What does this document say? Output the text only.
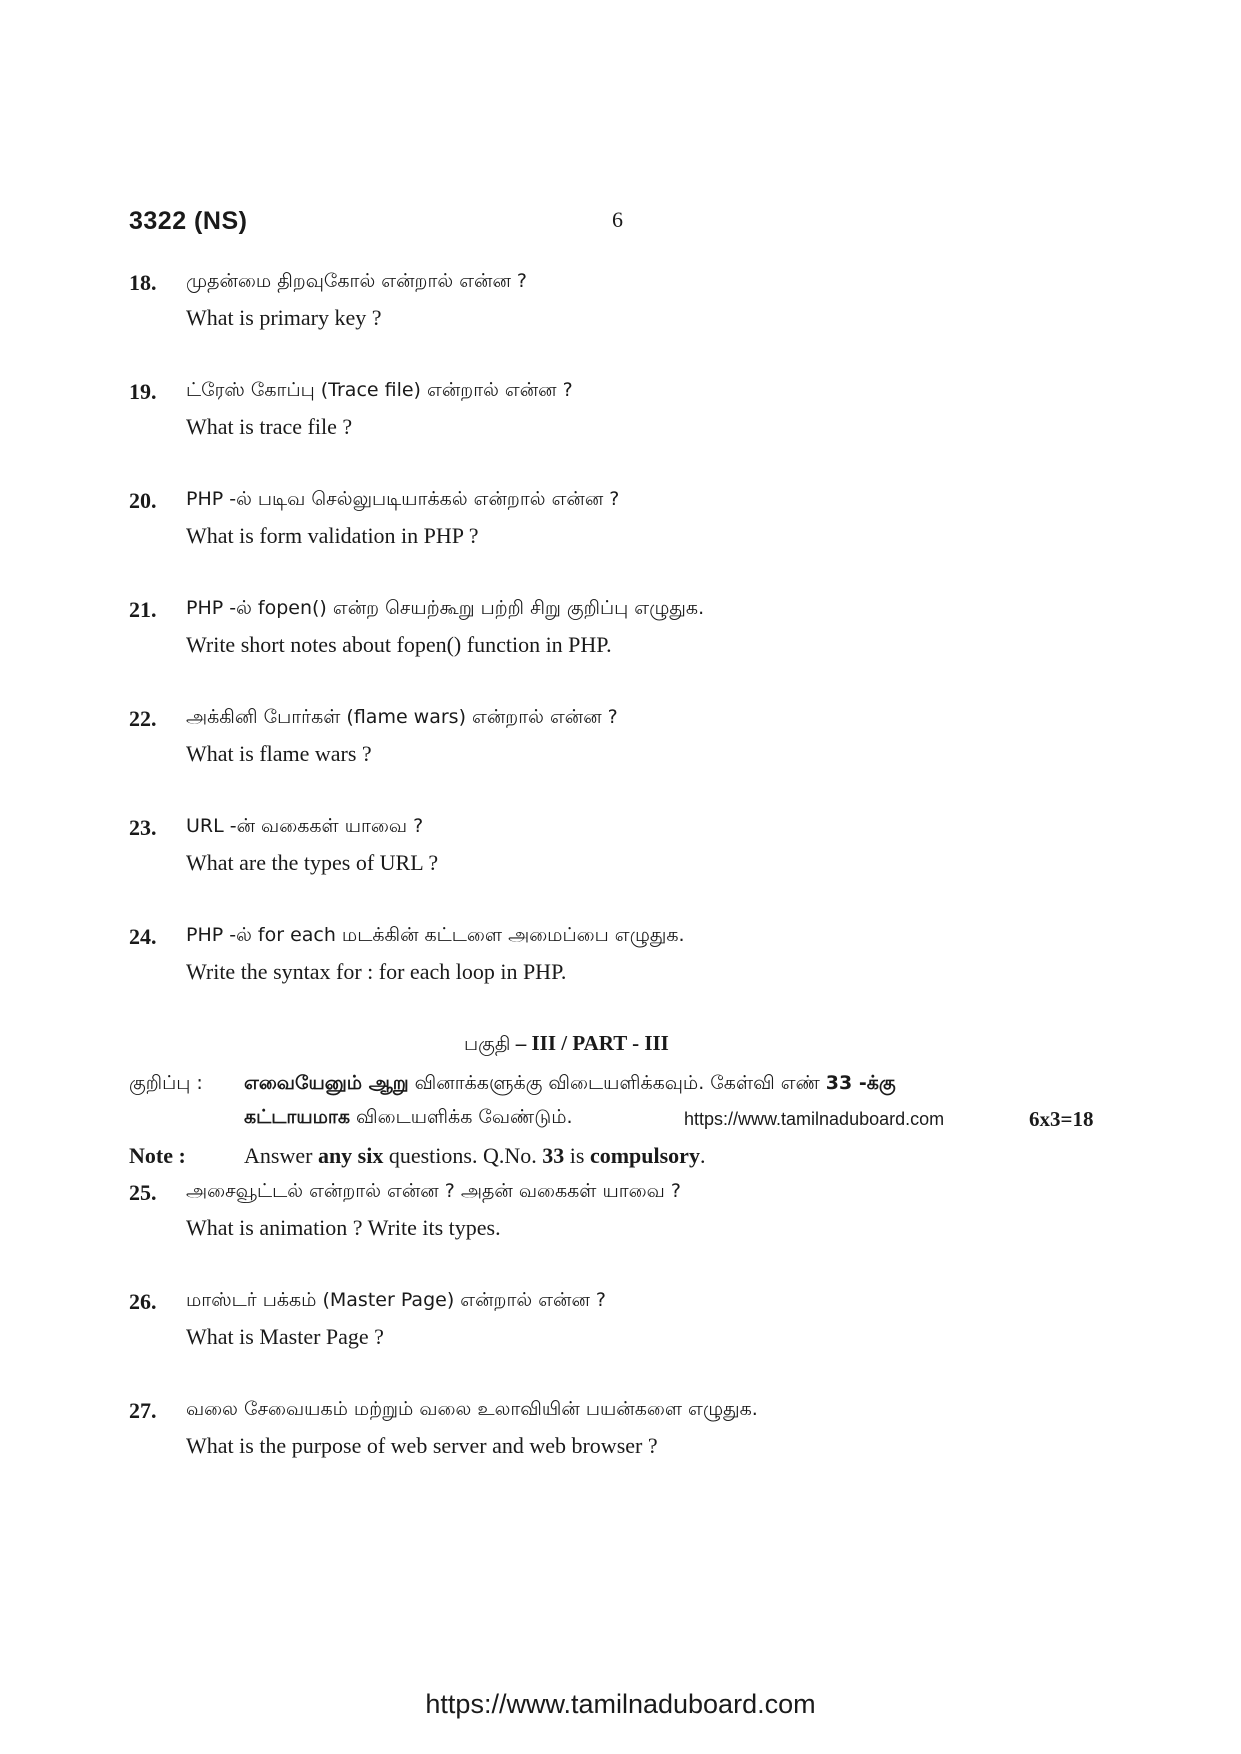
3322 (NS)	6
18. முதன்மை திறவுகோல் என்றால் என்ன ?
What is primary key ?
19. ட்ரேஸ் கோப்பு (Trace file) என்றால் என்ன ?
What is trace file ?
20. PHP -ல் படிவ செல்லுபடியாக்கல் என்றால் என்ன ?
What is form validation in PHP ?
21. PHP -ல் fopen() என்ற செயற்கூறு பற்றி சிறு குறிப்பு எழுதுக.
Write short notes about fopen() function in PHP.
22. அக்கினி போர்கள் (flame wars) என்றால் என்ன ?
What is flame wars ?
23. URL -ன் வகைகள் யாவை ?
What are the types of URL ?
24. PHP -ல் for each மடக்கின் கட்டளை அமைப்பை எழுதுக.
Write the syntax for : for each loop in PHP.
பகுதி – III / PART - III
குறிப்பு : எவையேனும் ஆறு வினாக்களுக்கு விடையளிக்கவும். கேள்வி எண் 33 -க்கு
கட்டாயமாக விடையளிக்க வேண்டும்.	https://www.tamilnaduboard.com	6x3=18
Note :	Answer any six questions. Q.No. 33 is compulsory.
25. அசைவூட்டல் என்றால் என்ன ? அதன் வகைகள் யாவை ?
What is animation ? Write its types.
26. மாஸ்டர் பக்கம் (Master Page) என்றால் என்ன ?
What is Master Page ?
27. வலை சேவையகம் மற்றும் வலை உலாவியின் பயன்களை எழுதுக.
What is the purpose of web server and web browser ?
https://www.tamilnaduboard.com
